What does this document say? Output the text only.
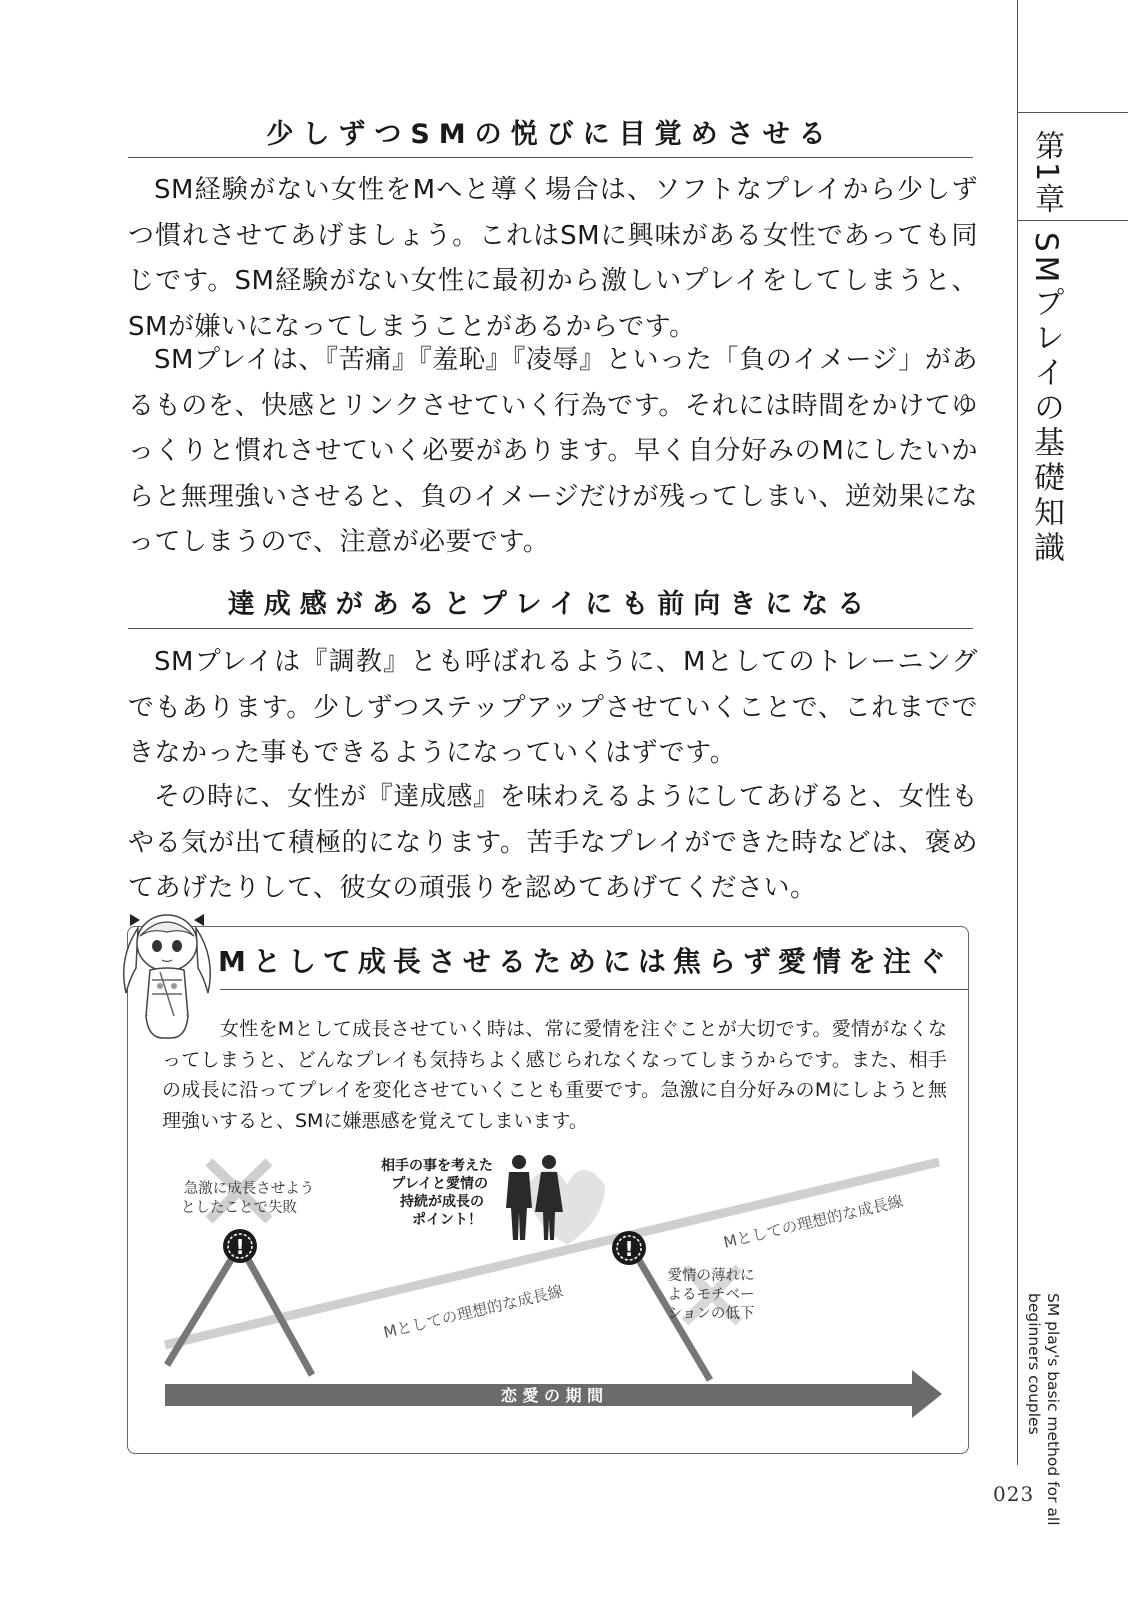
第1章
SMプレイの基礎知識
SM play's basic method for all beginners couples
023
少しずつSMの悦びに目覚めさせる

SM経験がない女性をMへと導く場合は、ソフトなプレイから少しずつ慣れさせてあげましょう。これはSMに興味がある女性であっても同じです。SM経験がない女性に最初から激しいプレイをしてしまうと、SMが嫌いになってしまうことがあるからです。

SMプレイは、『苦痛』『羞恥』『凌辱』といった「負のイメージ」があるものを、快感とリンクさせていく行為です。それには時間をかけてゆっくりと慣れさせていく必要があります。早く自分好みのMにしたいからと無理強いさせると、負のイメージだけが残ってしまい、逆効果になってしまうので、注意が必要です。

達成感があるとプレイにも前向きになる

SMプレイは『調教』とも呼ばれるように、Mとしてのトレーニングでもあります。少しずつステップアップさせていくことで、これまでできなかった事もできるようになっていくはずです。

その時に、女性が『達成感』を味わえるようにしてあげると、女性もやる気が出て積極的になります。苦手なプレイができた時などは、褒めてあげたりして、彼女の頑張りを認めてあげてください。

Mとして成長させるためには焦らず愛情を注ぐ

女性をMとして成長させていく時は、常に愛情を注ぐことが大切です。愛情がなくなってしまうと、どんなプレイも気持ちよく感じられなくなってしまうからです。また、相手の成長に沿ってプレイを変化させていくことも重要です。急激に自分好みのMにしようと無理強いすると、SMに嫌悪感を覚えてしまいます。

!	!
急激に成長させよう
としたことで失敗
相手の事を考えた
プレイと愛情の
持続が成長の
ポイント！
Mとしての理想的な成長線
Mとしての理想的な成長線
愛情の薄れに
よるモチベー
ションの低下
恋 愛 の 期 間
